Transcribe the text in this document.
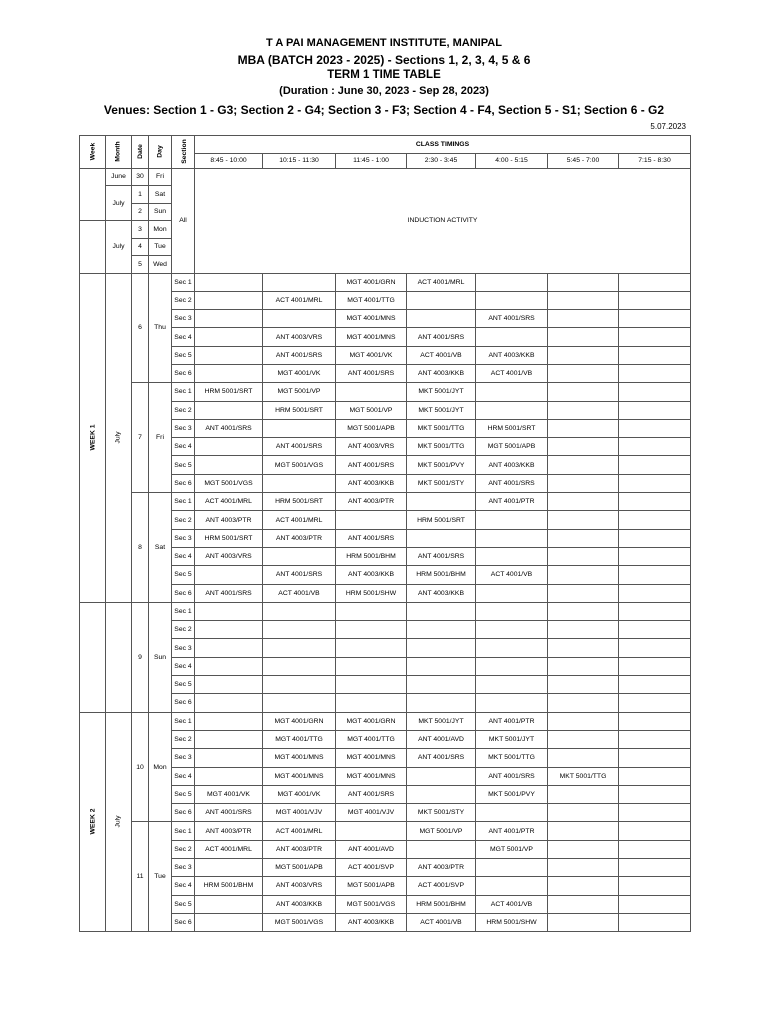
T A PAI MANAGEMENT INSTITUTE, MANIPAL
MBA (BATCH 2023 - 2025) - Sections 1, 2, 3, 4, 5 & 6
TERM 1 TIME TABLE
(Duration : June 30, 2023 - Sep 28, 2023)
Venues: Section 1 - G3; Section 2 - G4; Section 3 - F3; Section 4 - F4, Section 5 - S1; Section 6 - G2
5.07.2023
Week	Month	Date	Day	Section	CLASS TIMINGS						
					8:45 - 10:00	10:15 - 11:30	11:45 - 1:00	2:30 - 3:45	4:00 - 5:15	5:45 - 7:00	7:15 - 8:30
	June	30	Fri	All	INDUCTION ACTIVITY						
	July	1	Sat								
		2	Sun								
	July	3	Mon								
		4	Tue								
		5	Wed								
WEEK 1	July	6	Thu	Sec 1			MGT 4001/GRN	ACT 4001/MRL			
				Sec 2		ACT 4001/MRL	MGT 4001/TTG				
				Sec 3			MGT 4001/MNS		ANT 4001/SRS		
				Sec 4		ANT 4003/VRS	MGT 4001/MNS	ANT 4001/SRS			
				Sec 5		ANT 4001/SRS	MGT 4001/VK	ACT 4001/VB	ANT 4003/KKB		
				Sec 6		MGT 4001/VK	ANT 4001/SRS	ANT 4003/KKB	ACT 4001/VB		
		7	Fri	Sec 1	HRM 5001/SRT	MGT 5001/VP		MKT 5001/JYT			
				Sec 2		HRM 5001/SRT	MGT 5001/VP	MKT 5001/JYT			
				Sec 3	ANT 4001/SRS		MGT 5001/APB	MKT 5001/TTG	HRM 5001/SRT		
				Sec 4		ANT 4001/SRS	ANT 4003/VRS	MKT 5001/TTG	MGT 5001/APB		
				Sec 5		MGT 5001/VGS	ANT 4001/SRS	MKT 5001/PVY	ANT 4003/KKB		
				Sec 6	MGT 5001/VGS		ANT 4003/KKB	MKT 5001/STY	ANT 4001/SRS		
		8	Sat	Sec 1	ACT 4001/MRL	HRM 5001/SRT	ANT 4003/PTR		ANT 4001/PTR		
				Sec 2	ANT 4003/PTR	ACT 4001/MRL		HRM 5001/SRT			
				Sec 3	HRM 5001/SRT	ANT 4003/PTR	ANT 4001/SRS				
				Sec 4	ANT 4003/VRS		HRM 5001/BHM	ANT 4001/SRS			
				Sec 5		ANT 4001/SRS	ANT 4003/KKB	HRM 5001/BHM	ACT 4001/VB		
				Sec 6	ANT 4001/SRS	ACT 4001/VB	HRM 5001/SHW	ANT 4003/KKB			
		9	Sun	Sec 1							
				Sec 2							
				Sec 3							
				Sec 4							
				Sec 5							
				Sec 6							
WEEK 2	July	10	Mon	Sec 1		MGT 4001/GRN	MGT 4001/GRN	MKT 5001/JYT	ANT 4001/PTR		
				Sec 2		MGT 4001/TTG	MGT 4001/TTG	ANT 4001/AVD	MKT 5001/JYT		
				Sec 3		MGT 4001/MNS	MGT 4001/MNS	ANT 4001/SRS	MKT 5001/TTG		
				Sec 4		MGT 4001/MNS	MGT 4001/MNS		ANT 4001/SRS	MKT 5001/TTG	
				Sec 5	MGT 4001/VK	MGT 4001/VK	ANT 4001/SRS		MKT 5001/PVY		
				Sec 6	ANT 4001/SRS	MGT 4001/VJV	MGT 4001/VJV	MKT 5001/STY			
		11	Tue	Sec 1	ANT 4003/PTR	ACT 4001/MRL		MGT 5001/VP	ANT 4001/PTR		
				Sec 2	ACT 4001/MRL	ANT 4003/PTR	ANT 4001/AVD		MGT 5001/VP		
				Sec 3		MGT 5001/APB	ACT 4001/SVP	ANT 4003/PTR			
				Sec 4	HRM 5001/BHM	ANT 4003/VRS	MGT 5001/APB	ACT 4001/SVP			
				Sec 5		ANT 4003/KKB	MGT 5001/VGS	HRM 5001/BHM	ACT 4001/VB		
				Sec 6		MGT 5001/VGS	ANT 4003/KKB	ACT 4001/VB	HRM 5001/SHW		
